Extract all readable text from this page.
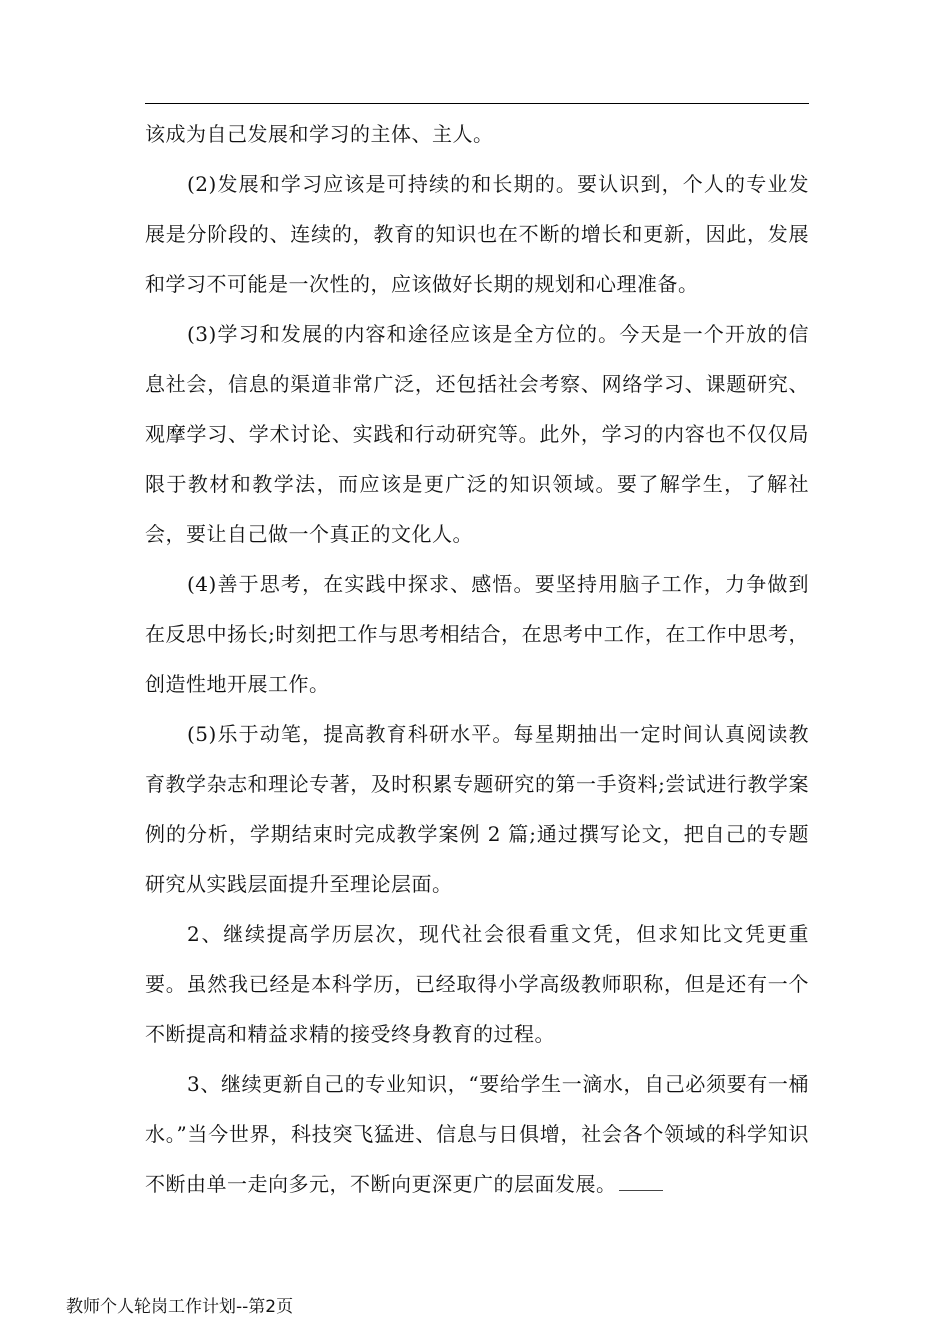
该成为自己发展和学习的主体、主人。

(2)发展和学习应该是可持续的和长期的。要认识到，个人的专业发展是分阶段的、连续的，教育的知识也在不断的增长和更新，因此，发展和学习不可能是一次性的，应该做好长期的规划和心理准备。

(3)学习和发展的内容和途径应该是全方位的。今天是一个开放的信息社会，信息的渠道非常广泛，还包括社会考察、网络学习、课题研究、观摩学习、学术讨论、实践和行动研究等。此外，学习的内容也不仅仅局限于教材和教学法，而应该是更广泛的知识领域。要了解学生，了解社会，要让自己做一个真正的文化人。

(4)善于思考，在实践中探求、感悟。要坚持用脑子工作，力争做到在反思中扬长;时刻把工作与思考相结合，在思考中工作，在工作中思考，创造性地开展工作。

(5)乐于动笔，提高教育科研水平。每星期抽出一定时间认真阅读教育教学杂志和理论专著，及时积累专题研究的第一手资料;尝试进行教学案例的分析，学期结束时完成教学案例 2 篇;通过撰写论文，把自己的专题研究从实践层面提升至理论层面。

2、继续提高学历层次，现代社会很看重文凭，但求知比文凭更重要。虽然我已经是本科学历，已经取得小学高级教师职称，但是还有一个不断提高和精益求精的接受终身教育的过程。

3、继续更新自己的专业知识，“要给学生一滴水，自己必须要有一桶水。”当今世界，科技突飞猛进、信息与日俱增，社会各个领域的科学知识不断由单一走向多元，不断向更深更广的层面发展。

教师个人轮岗工作计划--第2页
